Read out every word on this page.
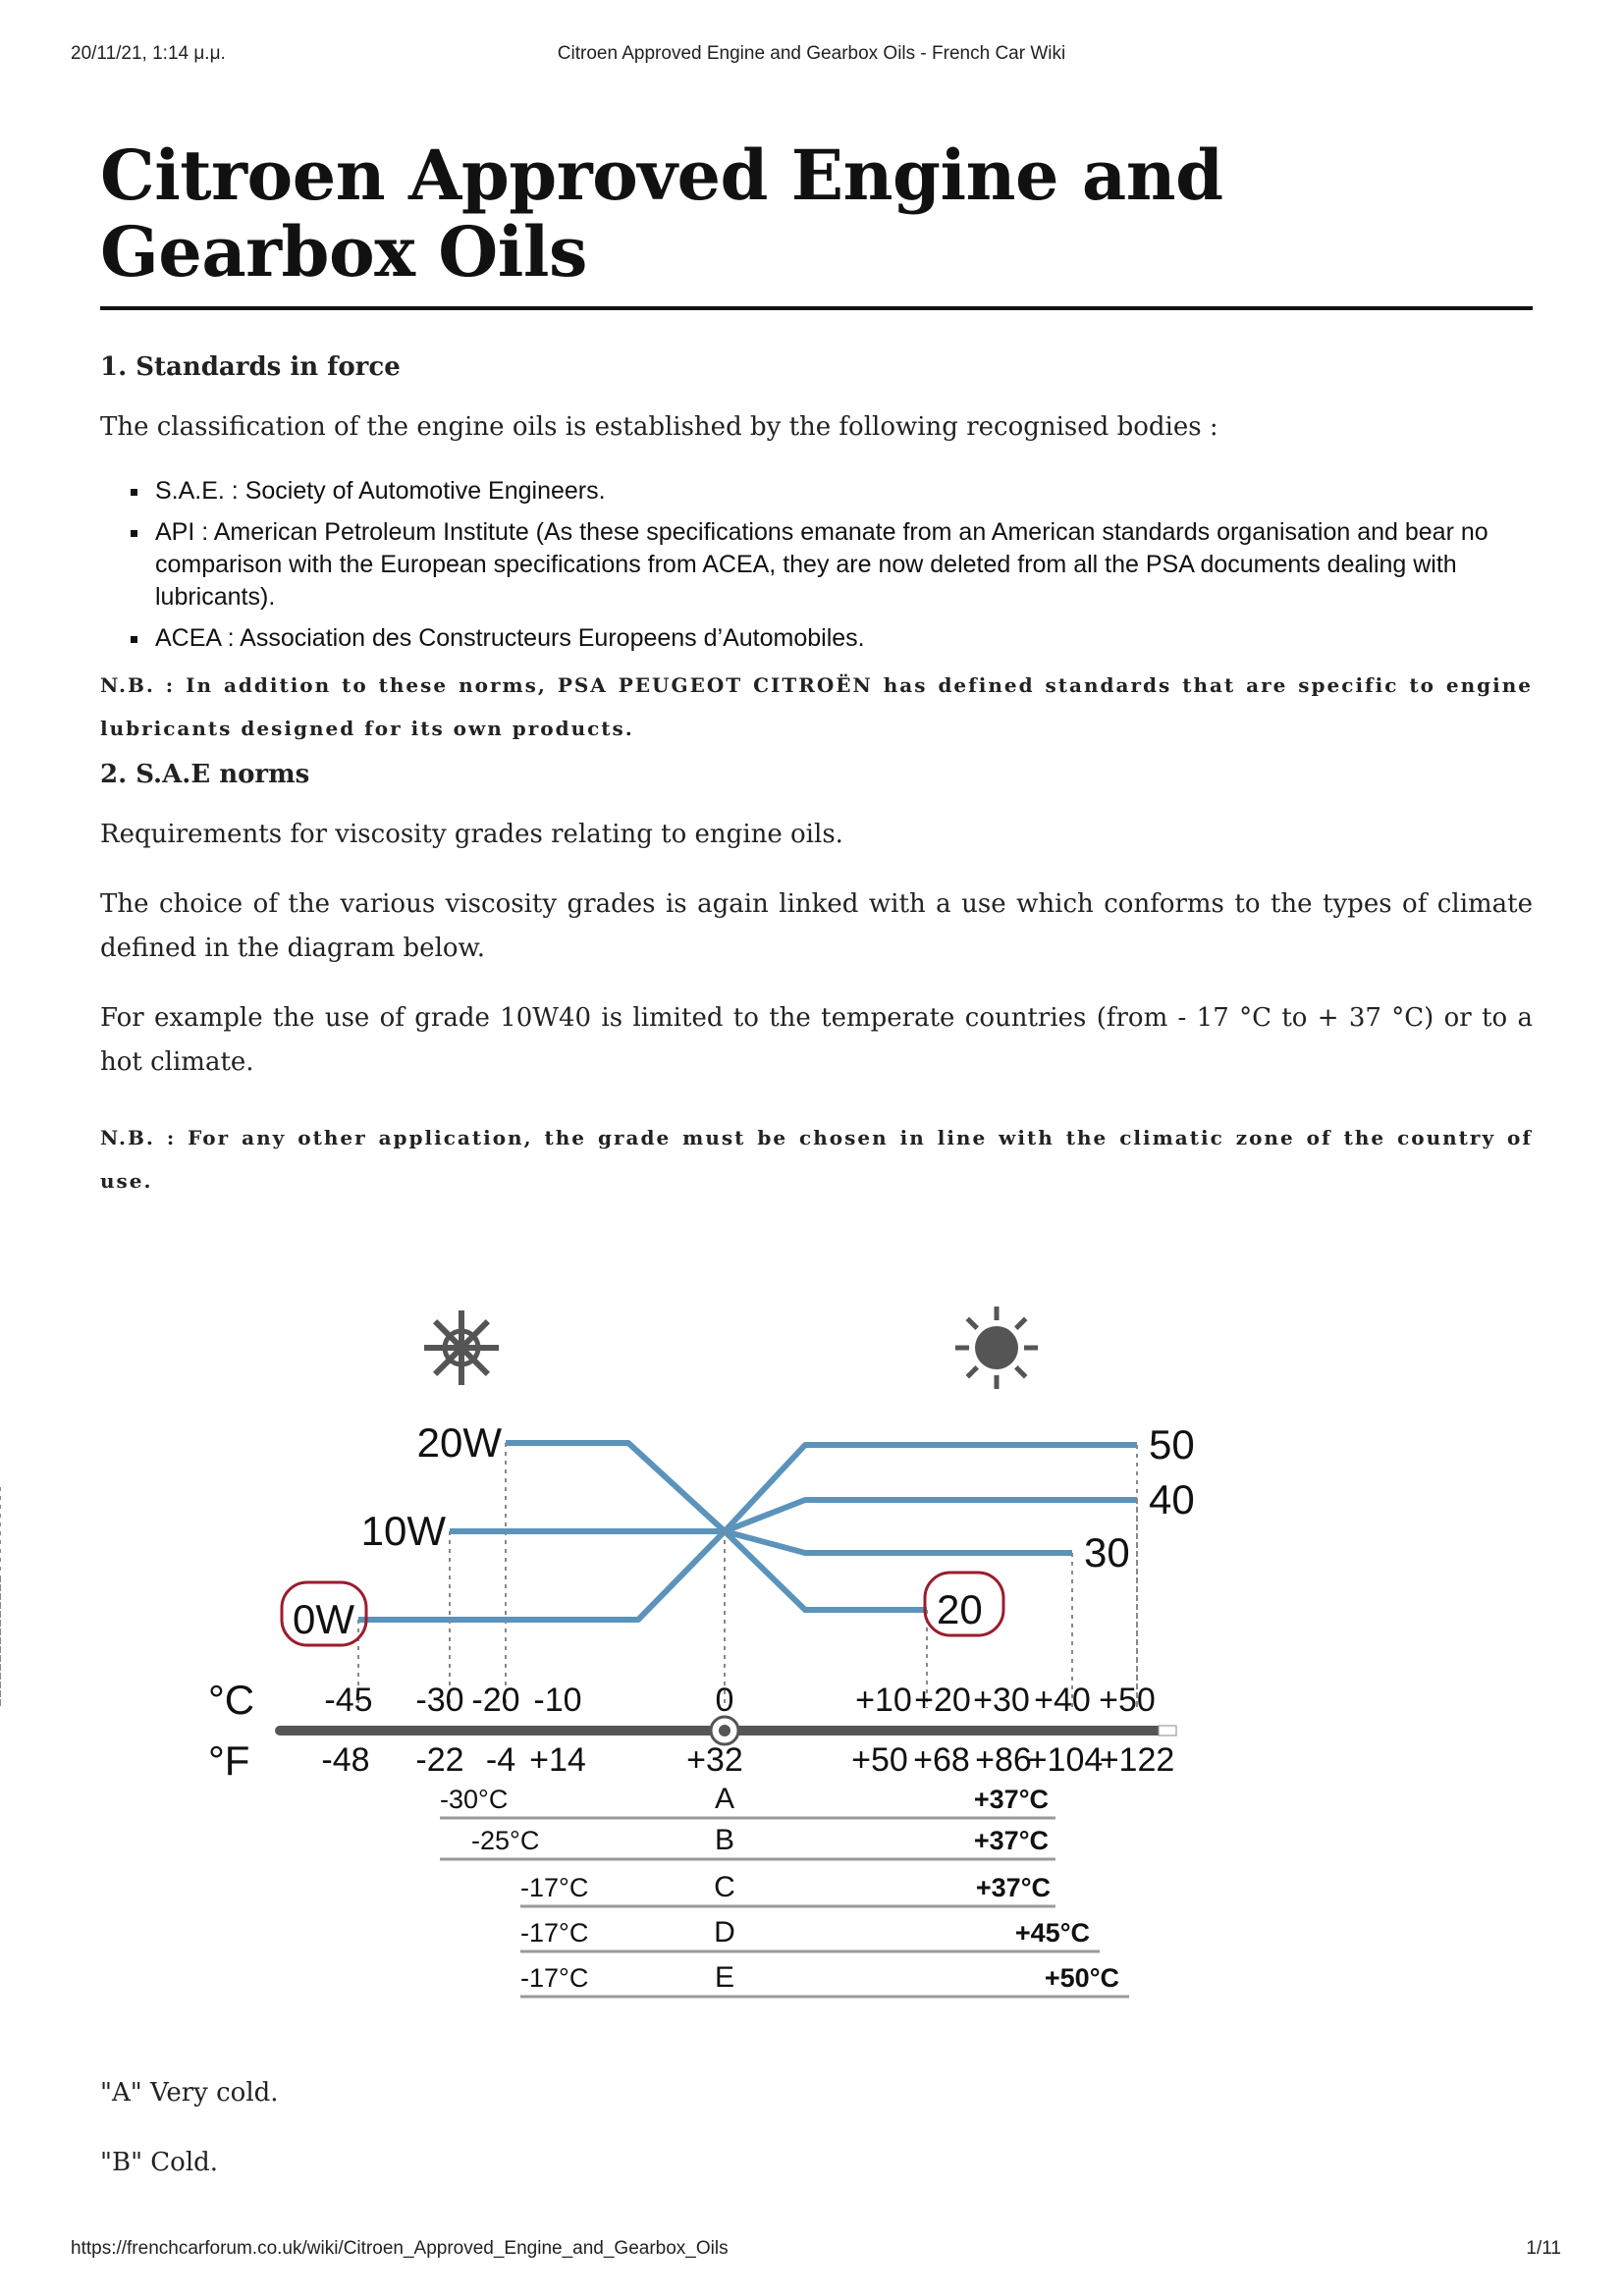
20/11/21, 1:14 μ.μ.	Citroen Approved Engine and Gearbox Oils - French Car Wiki
Citroen Approved Engine and Gearbox Oils
1. Standards in force

The classification of the engine oils is established by the following recognised bodies :

▪ S.A.E. : Society of Automotive Engineers.
▪ API : American Petroleum Institute (As these specifications emanate from an American standards organisation and bear no comparison with the European specifications from ACEA, they are now deleted from all the PSA documents dealing with lubricants).
▪ ACEA : Association des Constructeurs Europeens d’Automobiles.
N.B. : In addition to these norms, PSA PEUGEOT CITROËN has defined standards that are specific to engine lubricants designed for its own products.
2. S.A.E norms

Requirements for viscosity grades relating to engine oils.

The choice of the various viscosity grades is again linked with a use which conforms to the types of climate defined in the diagram below.

For example the use of grade 10W40 is limited to the temperate countries (from - 17 °C to + 37 °C) or to a hot climate.

N.B. : For any other application, the grade must be chosen in line with the climatic zone of the country of use.
20W
10W
0W
50
40
30
20
°C
°F
-45 -30 -20 -10	0	+10 +20 +30 +40 +50
-48 -22 -4 +14	+32	+50 +68 +86
+104
+122
-30°C	A	+37°C
-25°C	B	+37°C
-17°C	C	+37°C
-17°C	D	+45°C
-17°C	E	+50°C

"A" Very cold.

"B" Cold.

https://frenchcarforum.co.uk/wiki/Citroen_Approved_Engine_and_Gearbox_Oils	1/11
